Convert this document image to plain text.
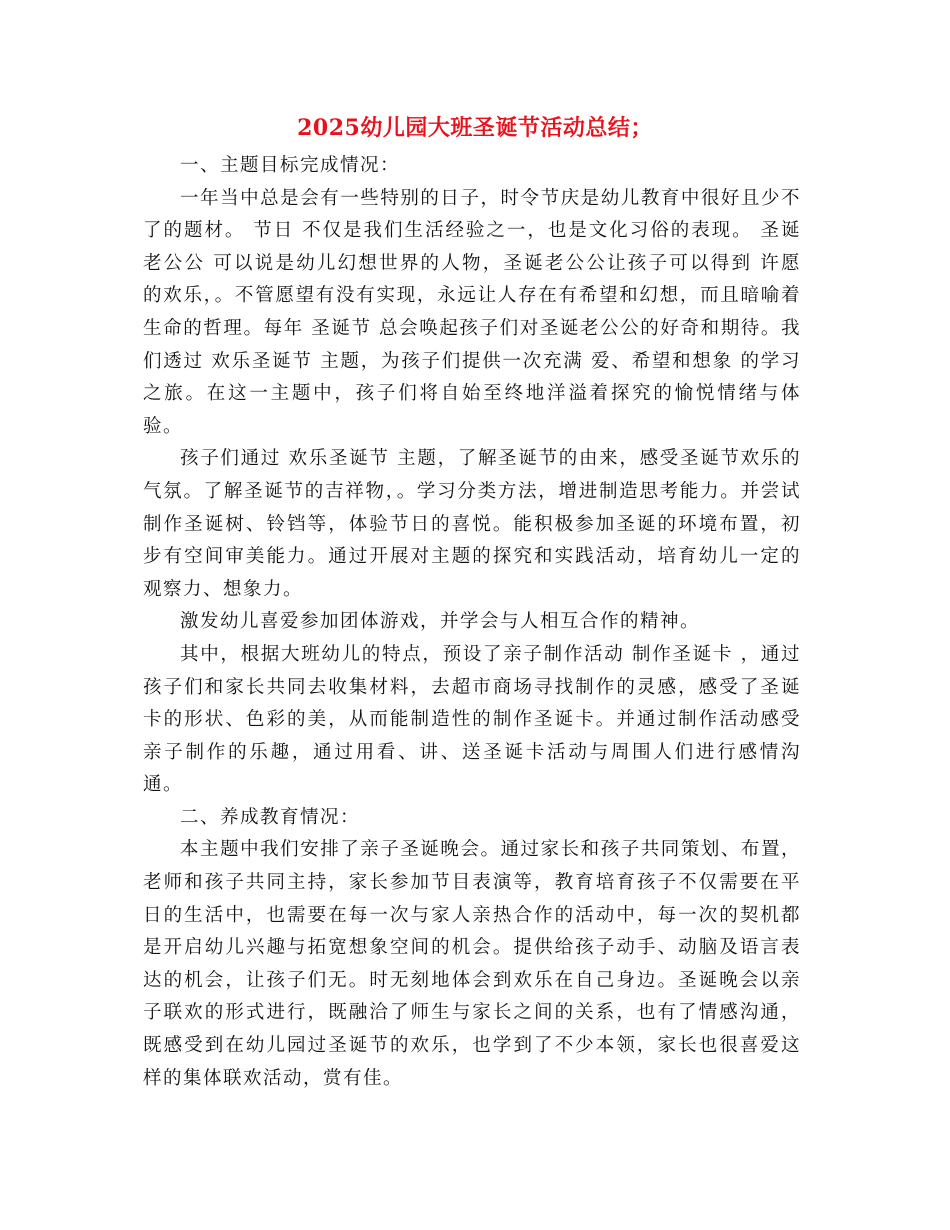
2025幼儿园大班圣诞节活动总结；

一、主题目标完成情况：

一年当中总是会有一些特别的日子，时令节庆是幼儿教育中很好且少不了的题材。 节日 不仅是我们生活经验之一，也是文化习俗的表现。 圣诞老公公 可以说是幼儿幻想世界的人物，圣诞老公公让孩子可以得到 许愿 的欢乐，。不管愿望有没有实现，永远让人存在有希望和幻想，而且暗喻着生命的哲理。每年 圣诞节 总会唤起孩子们对圣诞老公公的好奇和期待。我们透过 欢乐圣诞节 主题，为孩子们提供一次充满 爱、希望和想象 的学习之旅。在这一主题中，孩子们将自始至终地洋溢着探究的愉悦情绪与体验。

孩子们通过 欢乐圣诞节 主题，了解圣诞节的由来，感受圣诞节欢乐的气氛。了解圣诞节的吉祥物，。学习分类方法，增进制造思考能力。并尝试制作圣诞树、铃铛等，体验节日的喜悦。能积极参加圣诞的环境布置，初步有空间审美能力。通过开展对主题的探究和实践活动，培育幼儿一定的观察力、想象力。

激发幼儿喜爱参加团体游戏，并学会与人相互合作的精神。

其中，根据大班幼儿的特点，预设了亲子制作活动 制作圣诞卡 ，通过孩子们和家长共同去收集材料，去超市商场寻找制作的灵感，感受了圣诞卡的形状、色彩的美，从而能制造性的制作圣诞卡。并通过制作活动感受亲子制作的乐趣，通过用看、讲、送圣诞卡活动与周围人们进行感情沟通。

二、养成教育情况：

本主题中我们安排了亲子圣诞晚会。通过家长和孩子共同策划、布置，老师和孩子共同主持，家长参加节目表演等，教育培育孩子不仅需要在平日的生活中，也需要在每一次与家人亲热合作的活动中，每一次的契机都是开启幼儿兴趣与拓宽想象空间的机会。提供给孩子动手、动脑及语言表达的机会，让孩子们无。时无刻地体会到欢乐在自己身边。圣诞晚会以亲子联欢的形式进行，既融洽了师生与家长之间的关系，也有了情感沟通，既感受到在幼儿园过圣诞节的欢乐，也学到了不少本领，家长也很喜爱这样的集体联欢活动，赏有佳。
